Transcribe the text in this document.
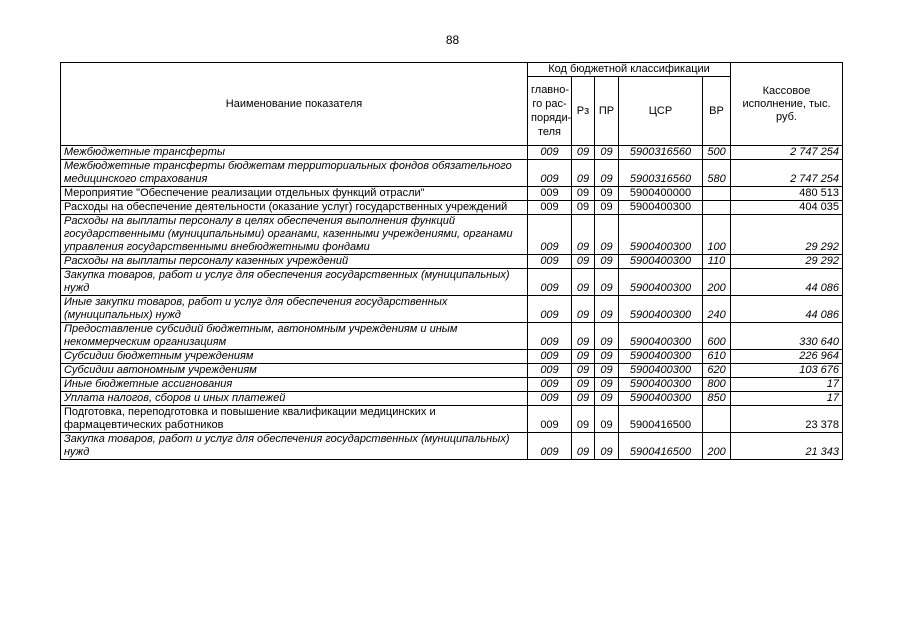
88
Наименование показателя	Код бюджетной классификации					Кассовое исполнение, тыс. руб.
	главно-го рас-поряди-теля	Рз	ПР	ЦСР	ВР	
Межбюджетные трансферты	009	09	09	5900316560	500	2 747 254
Межбюджетные трансферты бюджетам территориальных фондов обязательного медицинского страхования	009	09	09	5900316560	580	2 747 254
Мероприятие "Обеспечение реализации отдельных функций отрасли"	009	09	09	5900400000		480 513
Расходы на обеспечение деятельности (оказание услуг) государственных учреждений	009	09	09	5900400300		404 035
Расходы на выплаты персоналу в целях обеспечения выполнения функций государственными (муниципальными) органами, казенными учреждениями, органами управления государственными внебюджетными фондами	009	09	09	5900400300	100	29 292
Расходы на выплаты персоналу казенных учреждений	009	09	09	5900400300	110	29 292
Закупка товаров, работ и услуг для обеспечения государственных (муниципальных) нужд	009	09	09	5900400300	200	44 086
Иные закупки товаров, работ и услуг для обеспечения государственных (муниципальных) нужд	009	09	09	5900400300	240	44 086
Предоставление субсидий бюджетным, автономным учреждениям и иным некоммерческим организациям	009	09	09	5900400300	600	330 640
Субсидии бюджетным учреждениям	009	09	09	5900400300	610	226 964
Субсидии автономным учреждениям	009	09	09	5900400300	620	103 676
Иные бюджетные ассигнования	009	09	09	5900400300	800	17
Уплата налогов, сборов и иных платежей	009	09	09	5900400300	850	17
Подготовка, переподготовка и повышение квалификации медицинских и фармацевтических работников	009	09	09	5900416500		23 378
Закупка товаров, работ и услуг для обеспечения государственных (муниципальных) нужд	009	09	09	5900416500	200	21 343
